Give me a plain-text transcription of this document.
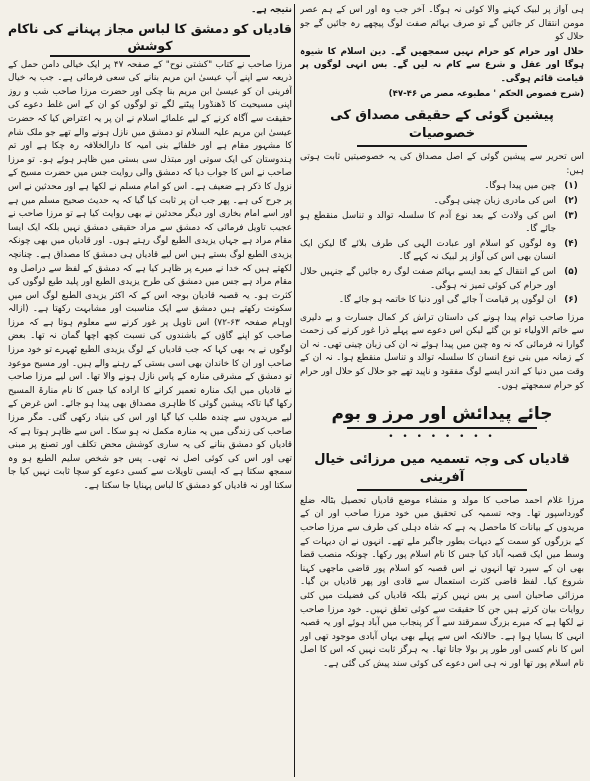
ہی آواز پر لبیک کہنے والا کوئی نہ ہوگا۔ آخر جب وہ اور اس کے ہم عصر مومن انتقال کر جائیں گے تو صرف بہائم صفت لوگ پیچھے رہ جائیں گے جو حلال کو

حلال اور حرام کو حرام نہیں سمجھیں گے۔ دین اسلام کا شیوہ ہوگا اور عقل و شرع سے کام نہ لیں گے۔ بس انہی لوگوں پر قیامت قائم ہوگی۔

(شرح فصوص الحکم ' مطبوعہ مصر ص ۴۶-۴۷)

پیشین گوئی کے حقیقی مصداق کی خصوصیات

اس تحریر سے پیشین گوئی کے اصل مصداق کی یہ خصوصیتیں ثابت ہوتی ہیں:

(۱)
چین میں پیدا ہوگا۔
(۲)
اس کی مادری زبان چینی ہوگی۔
(۳)
اس کی ولادت کے بعد نوع آدم کا سلسلہ توالد و تناسل منقطع ہو جائے گا۔
(۴)
وہ لوگوں کو اسلام اور عبادت الہی کی طرف بلائے گا لیکن ایک انسان بھی اس کی آواز پر لبیک نہ کہے گا۔
(۵)
اس کے انتقال کے بعد ایسے بہائم صفت لوگ رہ جائیں گے جنہیں حلال اور حرام کی کوئی تمیز نہ ہوگی۔
(۶)
ان لوگوں پر قیامت آ جائے گی اور دنیا کا خاتمہ ہو جائے گا۔

مرزا صاحب توام پیدا ہونے کی داستان تراش کر کمال جسارت و بے دلیری سے خاتم الاولیاء تو بن گئے لیکن اس دعوے سے پہلے ذرا غور کرنے کی زحمت گوارا نہ فرمائی کہ نہ وہ چین میں پیدا ہوئے نہ ان کی زبان چینی تھی۔ نہ ان کے زمانہ میں بنی نوع انسان کا سلسلہ توالد و تناسل منقطع ہوا۔ نہ ان کے وقت میں دنیا کے اندر ایسے لوگ مفقود و ناپید تھے جو حلال کو حلال اور حرام کو حرام سمجھتے ہوں۔

جائے پیدائش اور مرز و بوم
• • • • • • • •
قادیاں کی وجہ تسمیہ میں مرزائی خیال آفرینی

مرزا غلام احمد صاحب کا مولد و منشاء موضع قادیاں تحصیل بٹالہ ضلع گورداسپور تھا۔ وجہ تسمیہ کی تحقیق میں خود مرزا صاحب اور ان کے مریدوں کے بیانات کا ماحصل یہ ہے کہ شاہ دہلی کی طرف سے مرزا صاحب کے بزرگوں کو سمت کے دیہات بطور جاگیر ملے تھے۔ انہوں نے ان دیہات کے وسط میں ایک قصبہ آباد کیا جس کا نام اسلام پور رکھا۔ چونکہ منصب قضا بھی ان کے سپرد تھا انہوں نے اس قصبہ کو اسلام پور قاضی ماجھی کہنا شروع کیا۔ لفظ قاضی کثرت استعمال سے قادی اور پھر قادیاں بن گیا۔ مرزائی صاحبان اسی پر بس نہیں کرتے بلکہ قادیاں کی فضیلت میں کئی روایات بیان کرتے ہیں جن کا حقیقت سے کوئی تعلق نہیں۔ خود مرزا صاحب نے لکھا ہے کہ میرے بزرگ سمرقند سے آ کر پنجاب میں آباد ہوئے اور یہ قصبہ انہی کا بسایا ہوا ہے۔ حالانکہ اس سے پہلے بھی یہاں آبادی موجود تھی اور اس کا نام کسی اور طور پر بولا جاتا تھا۔ یہ ہرگز ثابت نہیں کہ اس کا اصل نام اسلام پور تھا اور نہ ہی اس دعوے کی کوئی سند پیش کی گئی ہے۔

نتیجہ ہے۔

قادیاں کو دمشق کا لباس مجاز پہنانے کی ناکام کوشش

مرزا صاحب نے کتاب "کشتی نوح" کے صفحہ ۴۷ پر ایک خیالی دامن حمل کے ذریعہ سے اپنے آپ عیسیٰ ابن مریم بنانے کی سعی فرمائی ہے۔ جب یہ خیال آفرینی ان کو عیسیٰ ابن مریم بنا چکی اور حضرت مرزا صاحب شب و روز اپنی مسیحیت کا ڈھنڈورا پیٹنے لگے تو لوگوں کو ان کے اس غلط دعوے کی حقیقت سے آگاہ کرنے کے لیے علمائے اسلام نے ان پر یہ اعتراض کیا کہ حضرت عیسیٰ ابن مریم علیہ السلام تو دمشق میں نازل ہونے والے تھے جو ملک شام کا مشہور مقام ہے اور خلفائے بنی امیہ کا دارالخلافہ رہ چکا ہے اور تم ہندوستان کی ایک سوتی اور مبتذل سی بستی میں ظاہر ہوئے ہو۔ تو مرزا صاحب نے اس کا جواب دیا کہ دمشق والی روایت جس میں حضرت مسیح کے نزول کا ذکر ہے ضعیف ہے۔ اس کو امام مسلم نے لکھا ہے اور محدثین نے اس پر جرح کی ہے۔ پھر جب ان پر ثابت کیا گیا کہ یہ حدیث صحیح مسلم میں ہے اور اسے امام بخاری اور دیگر محدثین نے بھی روایت کیا ہے تو مرزا صاحب نے عجیب تاویل فرمائی کہ دمشق سے مراد حقیقی دمشق نہیں بلکہ ایک ایسا مقام مراد ہے جہاں یزیدی الطبع لوگ رہتے ہوں۔ اور قادیاں میں بھی چونکہ یزیدی الطبع لوگ بستے ہیں اس لیے قادیاں ہی دمشق کا مصداق ہے۔ چنانچہ لکھتے ہیں کہ خدا نے میرے پر ظاہر کیا ہے کہ دمشق کے لفظ سے دراصل وہ مقام مراد ہے جس میں دمشق کی طرح یزیدی الطبع اور پلید طبع لوگوں کی کثرت ہو۔ یہ قصبہ قادیان بوجہ اس کے کہ اکثر یزیدی الطبع لوگ اس میں سکونت رکھتے ہیں دمشق سے ایک مناسبت اور مشابہت رکھتا ہے۔ (ازالہ اوہام صفحہ ۶۳-۷۲) اس تاویل پر غور کرنے سے معلوم ہوتا ہے کہ مرزا صاحب کو اپنے گاؤں کے باشندوں کی نسبت کچھ اچھا گمان نہ تھا۔ بعض لوگوں نے یہ بھی کہا کہ جب قادیاں کے لوگ یزیدی الطبع ٹھہرے تو خود مرزا صاحب اور ان کا خاندان بھی اسی بستی کے رہنے والے ہیں۔ اور مسیح موعود تو دمشق کے مشرقی منارہ کے پاس نازل ہونے والا تھا۔ اس لیے مرزا صاحب نے قادیاں میں ایک منارہ تعمیر کرانے کا ارادہ کیا جس کا نام منارۃ المسیح رکھا گیا تاکہ پیشین گوئی کا ظاہری مصداق بھی پیدا ہو جائے۔ اس غرض کے لیے مریدوں سے چندہ طلب کیا گیا اور اس کی بنیاد رکھی گئی۔ مگر مرزا صاحب کی زندگی میں یہ منارہ مکمل نہ ہو سکا۔ اس سے ظاہر ہوتا ہے کہ قادیاں کو دمشق بنانے کی یہ ساری کوشش محض تکلف اور تصنع پر مبنی تھی اور اس کی کوئی اصل نہ تھی۔ پس جو شخص سلیم الطبع ہو وہ سمجھ سکتا ہے کہ ایسی تاویلات سے کسی دعوے کو سچا ثابت نہیں کیا جا سکتا اور نہ قادیاں کو دمشق کا لباس پہنایا جا سکتا ہے۔
